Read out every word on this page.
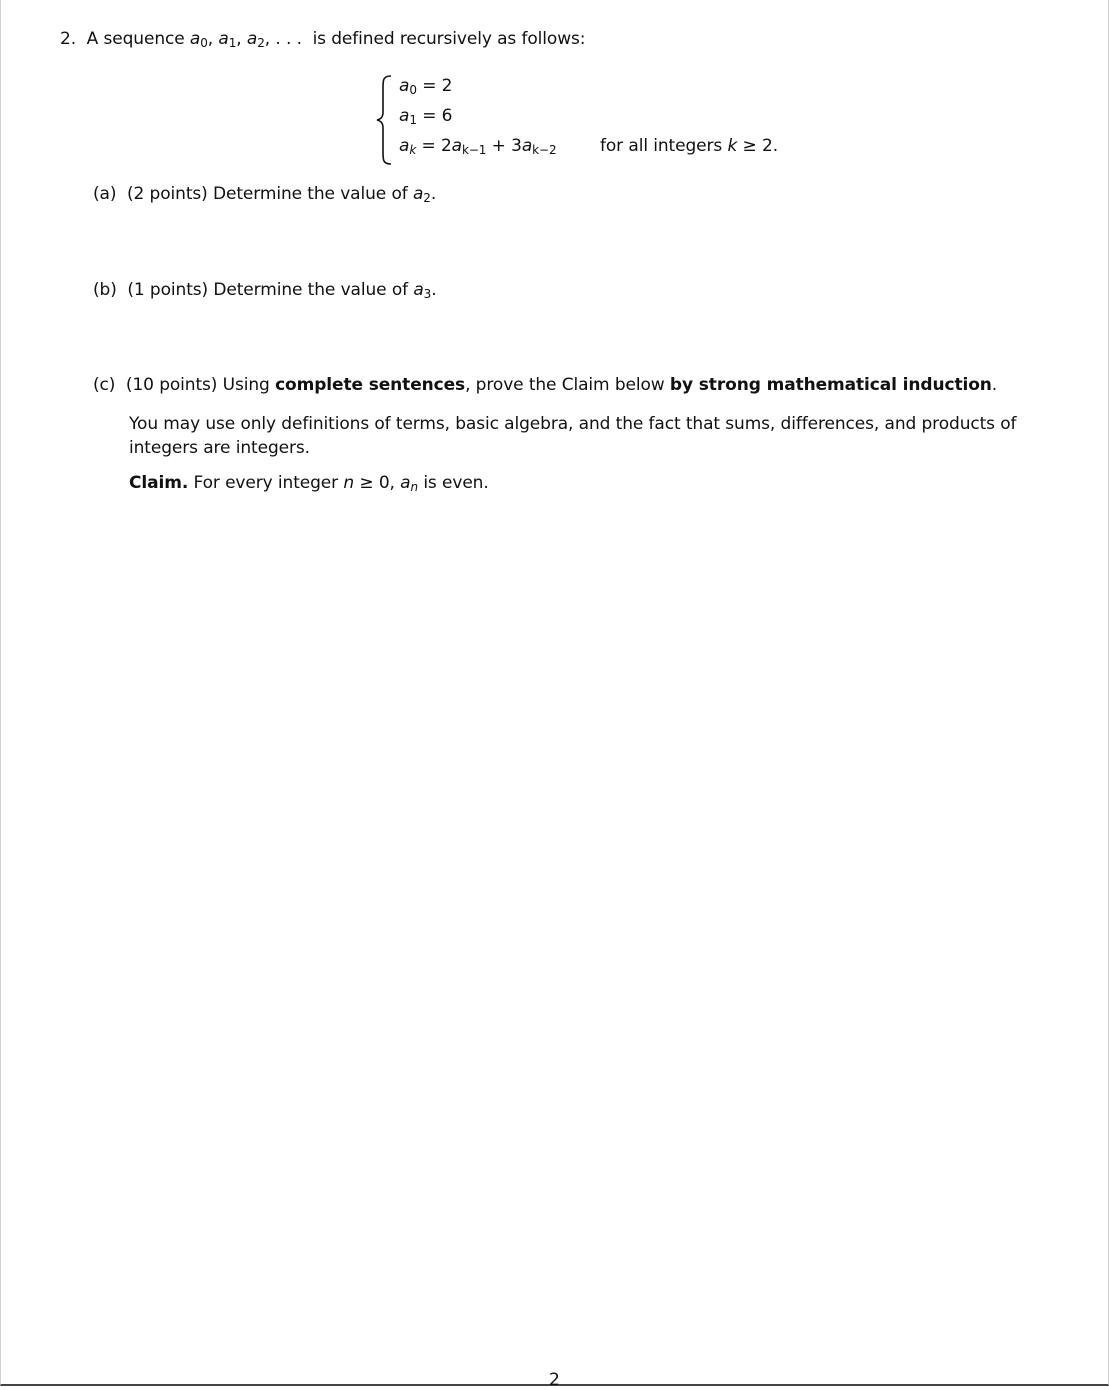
2. A sequence $a_0$, $a_1$, $a_2$, . . . is defined recursively as follows:
$a_0 = 2$
$a_1 = 6$
$a_k = 2a_{k-1} + 3a_{k-2}$	for all integers k ≥ 2.
(a) (2 points) Determine the value of $a_2$.
(b) (1 points) Determine the value of $a_3$.
(c) (10 points) Using complete sentences, prove the Claim below by strong mathematical induction.
You may use only definitions of terms, basic algebra, and the fact that sums, differences, and products of integers are integers.
Claim. For every integer n ≥ 0, $a_n$ is even.
2
